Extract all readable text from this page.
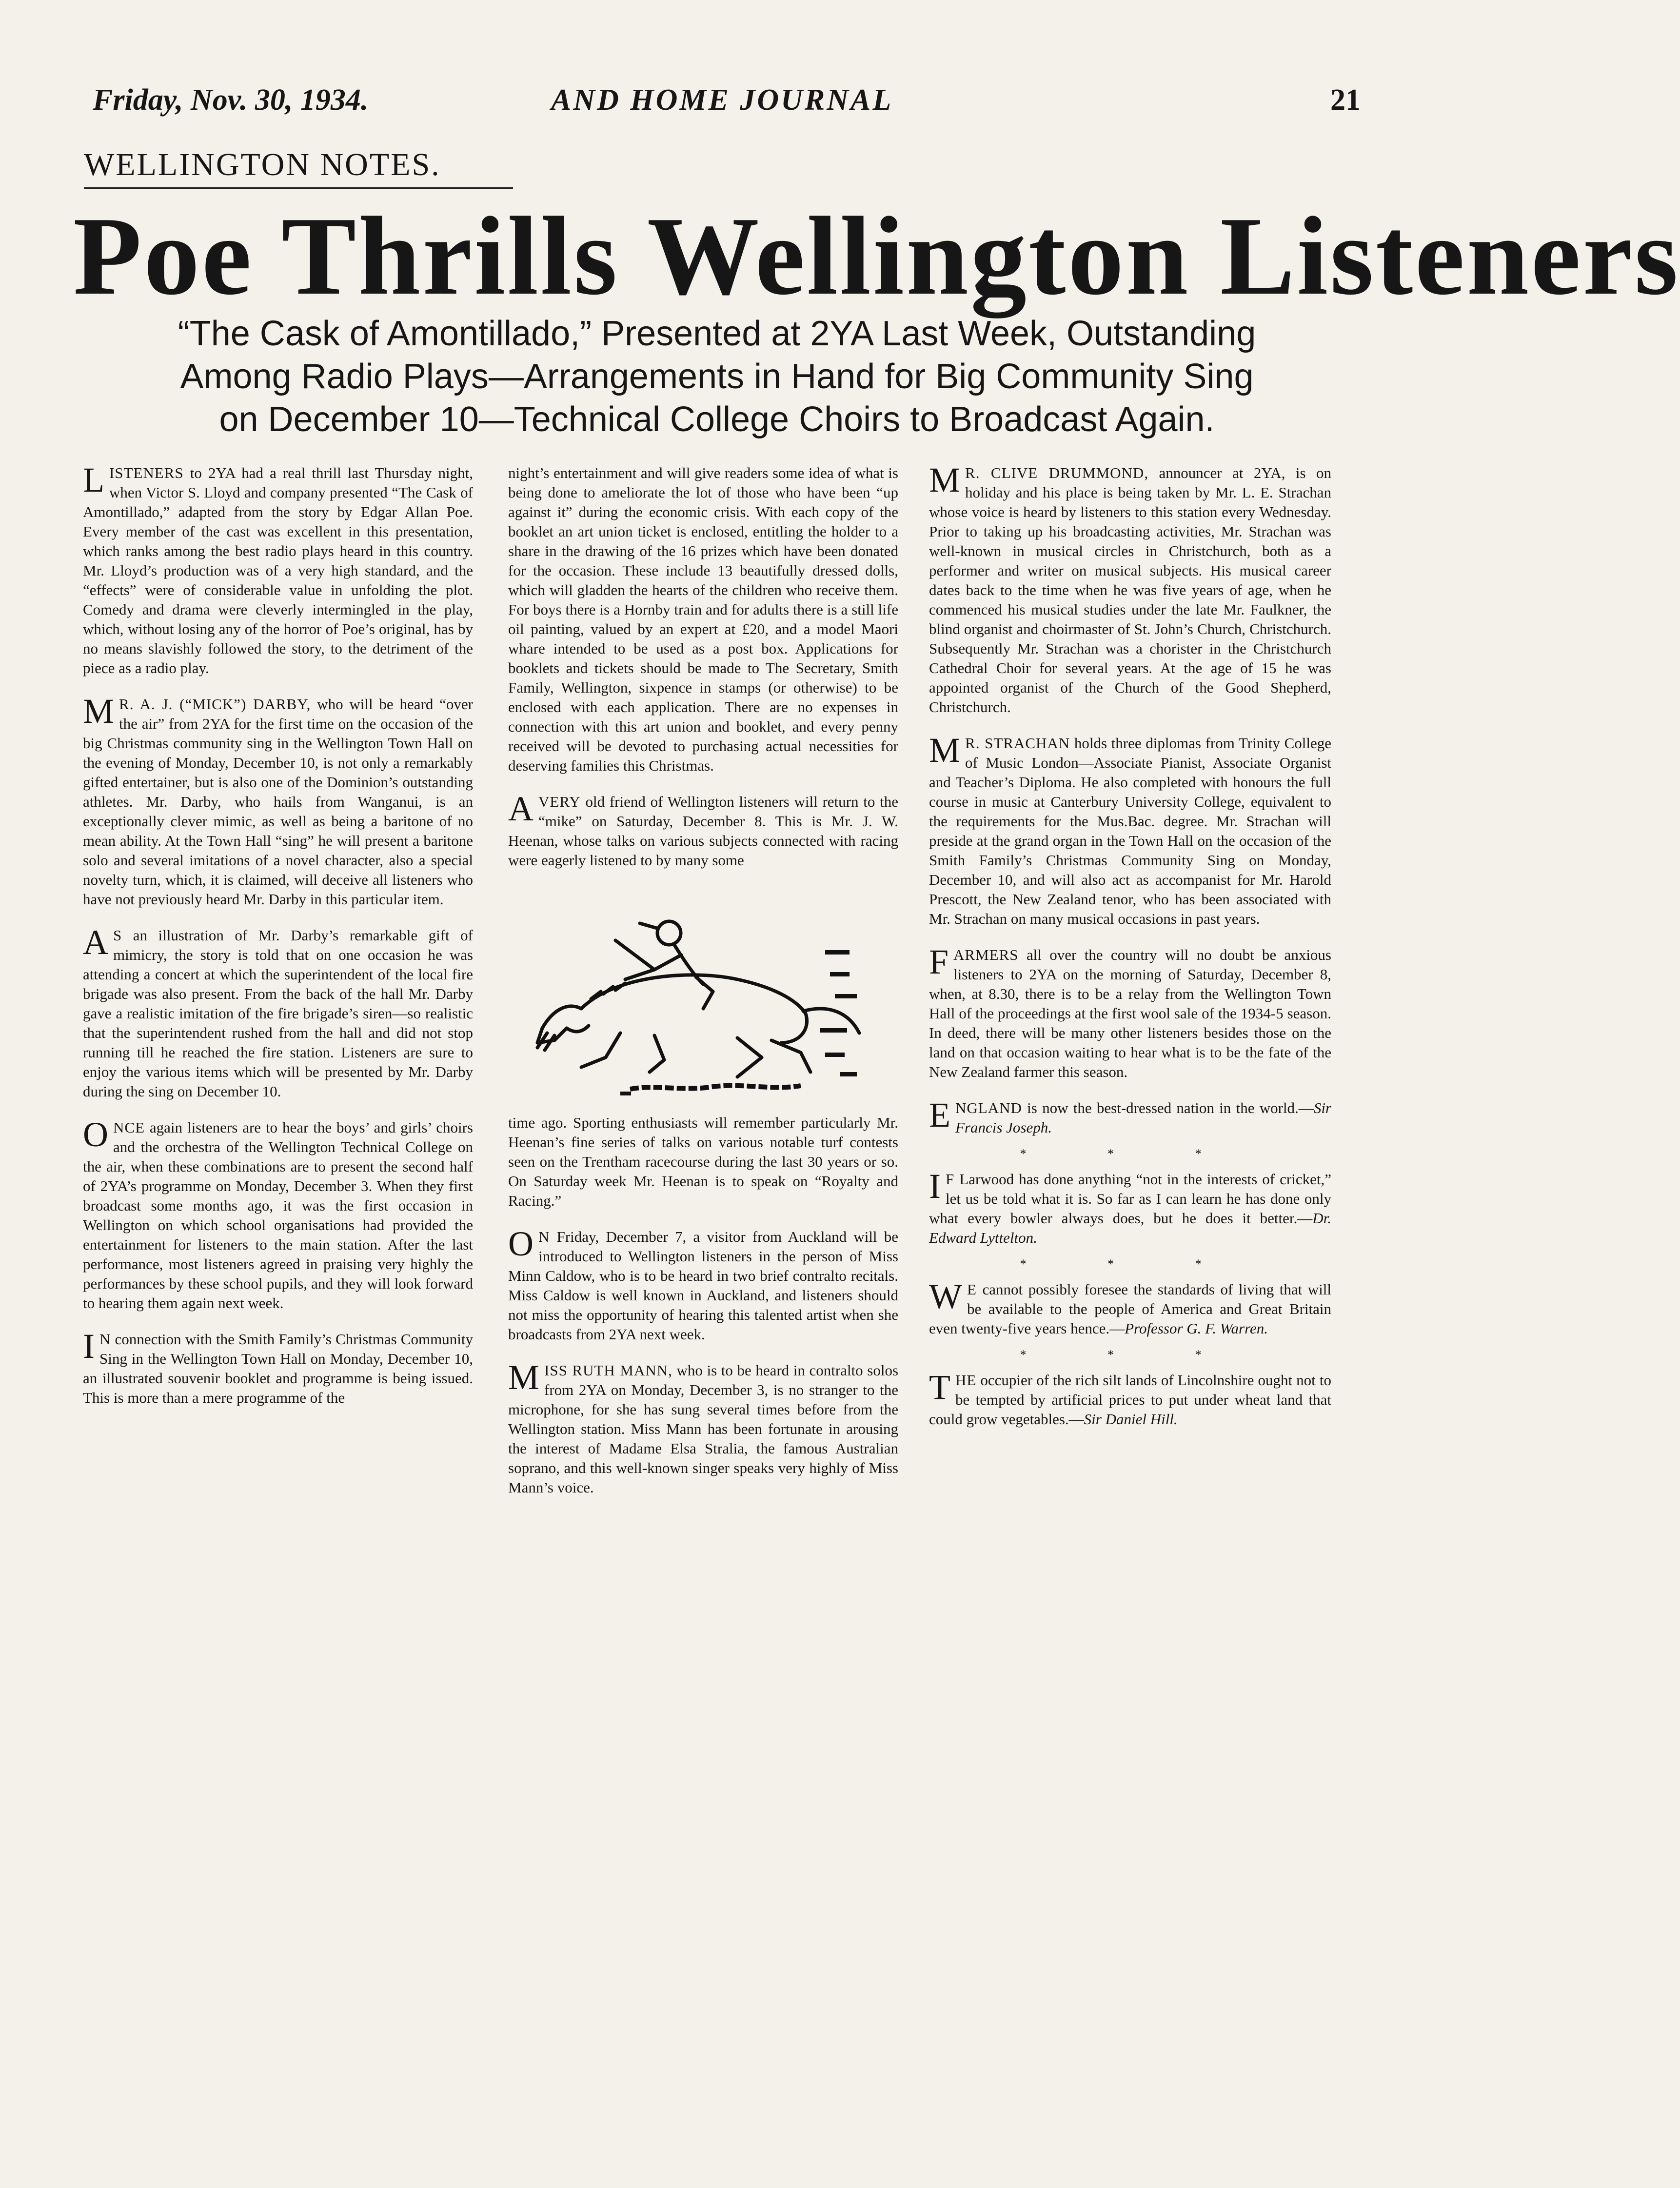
Friday, Nov. 30, 1934.	AND HOME JOURNAL	21
WELLINGTON NOTES.
Poe Thrills Wellington Listeners
“The Cask of Amontillado,” Presented at 2YA Last Week, Outstanding
Among Radio Plays—Arrangements in Hand for Big Community Sing
on December 10—Technical College Choirs to Broadcast Again.

LISTENERS to 2YA had a real thrill last Thursday night, when Victor S. Lloyd and company presented “The Cask of Amontillado,” adapted from the story by Edgar Allan Poe. Every member of the cast was excellent in this presentation, which ranks among the best radio plays heard in this country. Mr. Lloyd’s production was of a very high standard, and the “effects” were of considerable value in unfolding the plot. Comedy and drama were cleverly intermingled in the play, which, without losing any of the horror of Poe’s original, has by no means slavishly followed the story, to the detriment of the piece as a radio play.

MR. A. J. (“MICK”) DARBY, who will be heard “over the air” from 2YA for the first time on the occasion of the big Christmas community sing in the Wellington Town Hall on the evening of Monday, December 10, is not only a remarkably gifted entertainer, but is also one of the Dominion’s outstanding athletes. Mr. Darby, who hails from Wanganui, is an exceptionally clever mimic, as well as being a baritone of no mean ability. At the Town Hall “sing” he will present a baritone solo and several imitations of a novel character, also a special novelty turn, which, it is claimed, will deceive all listeners who have not previously heard Mr. Darby in this particular item.

AS an illustration of Mr. Darby’s remarkable gift of mimicry, the story is told that on one occasion he was attending a concert at which the superintendent of the local fire brigade was also present. From the back of the hall Mr. Darby gave a realistic imitation of the fire brigade’s siren—so realistic that the superintendent rushed from the hall and did not stop running till he reached the fire station. Listeners are sure to enjoy the various items which will be presented by Mr. Darby during the sing on December 10.

ONCE again listeners are to hear the boys’ and girls’ choirs and the orchestra of the Wellington Technical College on the air, when these combinations are to present the second half of 2YA’s programme on Monday, December 3. When they first broadcast some months ago, it was the first occasion in Wellington on which school organisations had provided the entertainment for listeners to the main station. After the last performance, most listeners agreed in praising very highly the performances by these school pupils, and they will look forward to hearing them again next week.

IN connection with the Smith Family’s Christmas Community Sing in the Wellington Town Hall on Monday, December 10, an illustrated souvenir booklet and programme is being issued. This is more than a mere programme of the

night’s entertainment and will give readers some idea of what is being done to ameliorate the lot of those who have been “up against it” during the economic crisis. With each copy of the booklet an art union ticket is enclosed, entitling the holder to a share in the drawing of the 16 prizes which have been donated for the occasion. These include 13 beautifully dressed dolls, which will gladden the hearts of the children who receive them. For boys there is a Hornby train and for adults there is a still life oil painting, valued by an expert at £20, and a model Maori whare intended to be used as a post box. Applications for booklets and tickets should be made to The Secretary, Smith Family, Wellington, sixpence in stamps (or otherwise) to be enclosed with each application. There are no expenses in connection with this art union and booklet, and every penny received will be devoted to purchasing actual necessities for deserving families this Christmas.

A VERY old friend of Wellington listeners will return to the “mike” on Saturday, December 8. This is Mr. J. W. Heenan, whose talks on various subjects connected with racing were eagerly listened to by many some

time ago. Sporting enthusiasts will remember particularly Mr. Heenan’s fine series of talks on various notable turf contests seen on the Trentham racecourse during the last 30 years or so. On Saturday week Mr. Heenan is to speak on “Royalty and Racing.”

ON Friday, December 7, a visitor from Auckland will be introduced to Wellington listeners in the person of Miss Minn Caldow, who is to be heard in two brief contralto recitals. Miss Caldow is well known in Auckland, and listeners should not miss the opportunity of hearing this talented artist when she broadcasts from 2YA next week.

MISS RUTH MANN, who is to be heard in contralto solos from 2YA on Monday, December 3, is no stranger to the microphone, for she has sung several times before from the Wellington station. Miss Mann has been fortunate in arousing the interest of Madame Elsa Stralia, the famous Australian soprano, and this well-known singer speaks very highly of Miss Mann’s voice.

MR. CLIVE DRUMMOND, announcer at 2YA, is on holiday and his place is being taken by Mr. L. E. Strachan whose voice is heard by listeners to this station every Wednesday. Prior to taking up his broadcasting activities, Mr. Strachan was well-known in musical circles in Christchurch, both as a performer and writer on musical subjects. His musical career dates back to the time when he was five years of age, when he commenced his musical studies under the late Mr. Faulkner, the blind organist and choirmaster of St. John’s Church, Christchurch. Subsequently Mr. Strachan was a chorister in the Christchurch Cathedral Choir for several years. At the age of 15 he was appointed organist of the Church of the Good Shepherd, Christchurch.

MR. STRACHAN holds three diplomas from Trinity College of Music London—Associate Pianist, Associate Organist and Teacher’s Diploma. He also completed with honours the full course in music at Canterbury University College, equivalent to the requirements for the Mus.Bac. degree. Mr. Strachan will preside at the grand organ in the Town Hall on the occasion of the Smith Family’s Christmas Community Sing on Monday, December 10, and will also act as accompanist for Mr. Harold Prescott, the New Zealand tenor, who has been associated with Mr. Strachan on many musical occasions in past years.

FARMERS all over the country will no doubt be anxious listeners to 2YA on the morning of Saturday, December 8, when, at 8.30, there is to be a relay from the Wellington Town Hall of the proceedings at the first wool sale of the 1934-5 season. In deed, there will be many other listeners besides those on the land on that occasion waiting to hear what is to be the fate of the New Zealand farmer this season.

ENGLAND is now the best-dressed nation in the world.—Sir Francis Joseph.

* * *

IF Larwood has done anything “not in the interests of cricket,” let us be told what it is. So far as I can learn he has done only what every bowler always does, but he does it better.—Dr. Edward Lyttelton.

* * *

WE cannot possibly foresee the standards of living that will be available to the people of America and Great Britain even twenty-five years hence.—Professor G. F. Warren.

* * *

THE occupier of the rich silt lands of Lincolnshire ought not to be tempted by artificial prices to put under wheat land that could grow vegetables.—Sir Daniel Hill.
